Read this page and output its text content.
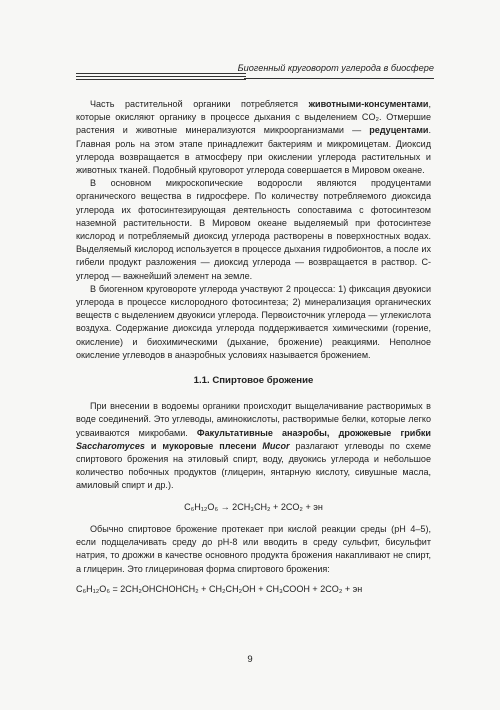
Биогенный круговорот углерода в биосфере

Часть растительной органики потребляется животными-консументами, которые окисляют органику в процессе дыхания с выделением CO₂. Отмершие растения и животные минерализуются микроорганизмами — редуцентами. Главная роль на этом этапе принадлежит бактериям и микромицетам. Диоксид углерода возвращается в атмосферу при окислении углерода растительных и животных тканей. Подобный круговорот углерода совершается в Мировом океане.

В основном микроскопические водоросли являются продуцентами органического вещества в гидросфере. По количеству потребляемого диоксида углерода их фотосинтезирующая деятельность сопоставима с фотосинтезом наземной растительности. В Мировом океане выделяемый при фотосинтезе кислород и потребляемый диоксид углерода растворены в поверхностных водах. Выделяемый кислород используется в процессе дыхания гидробионтов, а после их гибели продукт разложения — диоксид углерода — возвращается в раствор. С-углерод — важнейший элемент на земле.

В биогенном круговороте углерода участвуют 2 процесса: 1) фиксация двуокиси углерода в процессе кислородного фотосинтеза; 2) минерализация органических веществ с выделением двуокиси углерода. Первоисточник углерода — углекислота воздуха. Содержание диоксида углерода поддерживается химическими (горение, окисление) и биохимическими (дыхание, брожение) реакциями. Неполное окисление углеводов в анаэробных условиях называется брожением.

1.1. Спиртовое брожение

При внесении в водоемы органики происходит выщелачивание растворимых в воде соединений. Это углеводы, аминокислоты, растворимые белки, которые легко усваиваются микробами. Факультативные анаэробы, дрожжевые грибки Saccharomyces и мукоровые плесени Mucor разлагают углеводы по схеме спиртового брожения на этиловый спирт, воду, двуокись углерода и небольшое количество побочных продуктов (глицерин, янтарную кислоту, сивушные масла, амиловый спирт и др.).

C₆H₁₂O₆ → 2CH₃CH₂ + 2CO₂ + эн

Обычно спиртовое брожение протекает при кислой реакции среды (pH 4–5), если подщелачивать среду до pH-8 или вводить в среду сульфит, бисульфит натрия, то дрожжи в качестве основного продукта брожения накапливают не спирт, а глицерин. Это глицериновая форма спиртового брожения:

C₆H₁₂O₆ = 2CH₂OHCHOHCH₂ + CH₂CH₂OH + CH₃COOH + 2CO₂ + эн
9
